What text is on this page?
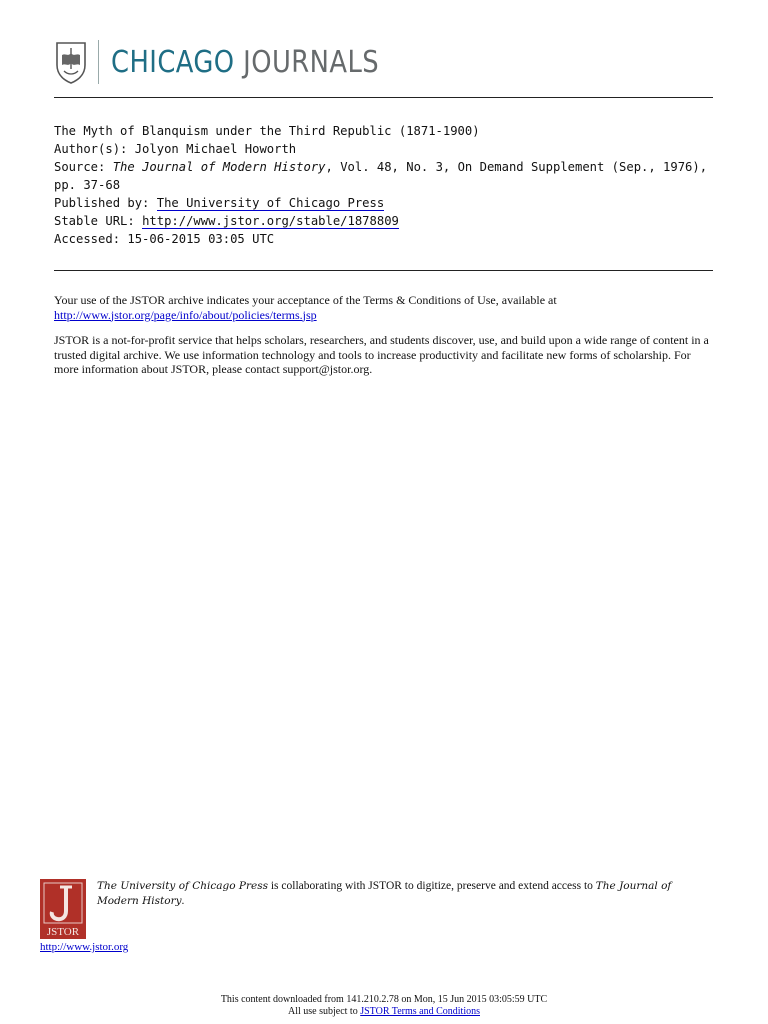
CHICAGO JOURNALS
The Myth of Blanquism under the Third Republic (1871-1900)
Author(s): Jolyon Michael Howorth
Source: The Journal of Modern History, Vol. 48, No. 3, On Demand Supplement (Sep., 1976), pp. 37-68
Published by: The University of Chicago Press
Stable URL: http://www.jstor.org/stable/1878809
Accessed: 15-06-2015 03:05 UTC

Your use of the JSTOR archive indicates your acceptance of the Terms & Conditions of Use, available at http://www.jstor.org/page/info/about/policies/terms.jsp

JSTOR is a not-for-profit service that helps scholars, researchers, and students discover, use, and build upon a wide range of content in a trusted digital archive. We use information technology and tools to increase productivity and facilitate new forms of scholarship. For more information about JSTOR, please contact support@jstor.org.

JSTOR
http://www.jstor.org
The University of Chicago Press is collaborating with JSTOR to digitize, preserve and extend access to The Journal of Modern History.
This content downloaded from 141.210.2.78 on Mon, 15 Jun 2015 03:05:59 UTC
All use subject to JSTOR Terms and Conditions
